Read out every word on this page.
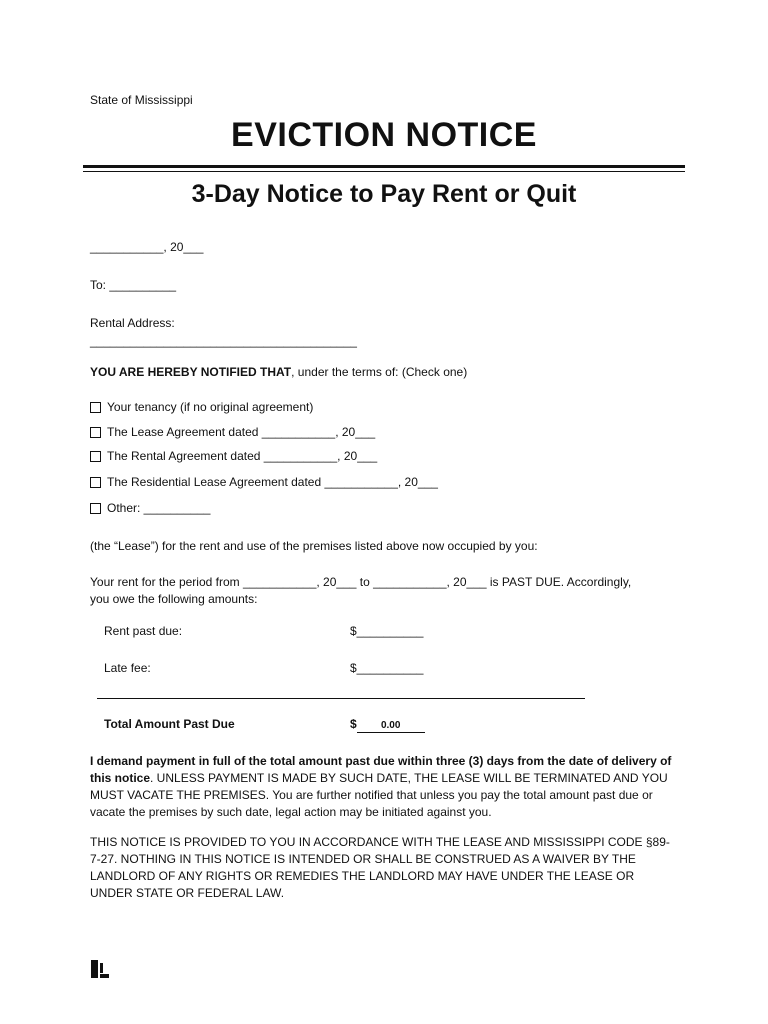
State of Mississippi
EVICTION NOTICE
3-Day Notice to Pay Rent or Quit
___________, 20___
To: __________
Rental Address:
________________________________________
YOU ARE HEREBY NOTIFIED THAT, under the terms of: (Check one)
Your tenancy (if no original agreement)
The Lease Agreement dated ___________, 20___
The Rental Agreement dated ___________, 20___
The Residential Lease Agreement dated ___________, 20___
Other: __________
(the “Lease”) for the rent and use of the premises listed above now occupied by you:
Your rent for the period from ___________, 20___ to ___________, 20___ is PAST DUE. Accordingly,
you owe the following amounts:
Rent past due:	$__________
Late fee:	$__________
Total Amount Past Due	$ 0.00
I demand payment in full of the total amount past due within three (3) days from the date of delivery of this notice. UNLESS PAYMENT IS MADE BY SUCH DATE, THE LEASE WILL BE TERMINATED AND YOU MUST VACATE THE PREMISES. You are further notified that unless you pay the total amount past due or vacate the premises by such date, legal action may be initiated against you.
THIS NOTICE IS PROVIDED TO YOU IN ACCORDANCE WITH THE LEASE AND MISSISSIPPI CODE §89-7-27. NOTHING IN THIS NOTICE IS INTENDED OR SHALL BE CONSTRUED AS A WAIVER BY THE LANDLORD OF ANY RIGHTS OR REMEDIES THE LANDLORD MAY HAVE UNDER THE LEASE OR UNDER STATE OR FEDERAL LAW.
